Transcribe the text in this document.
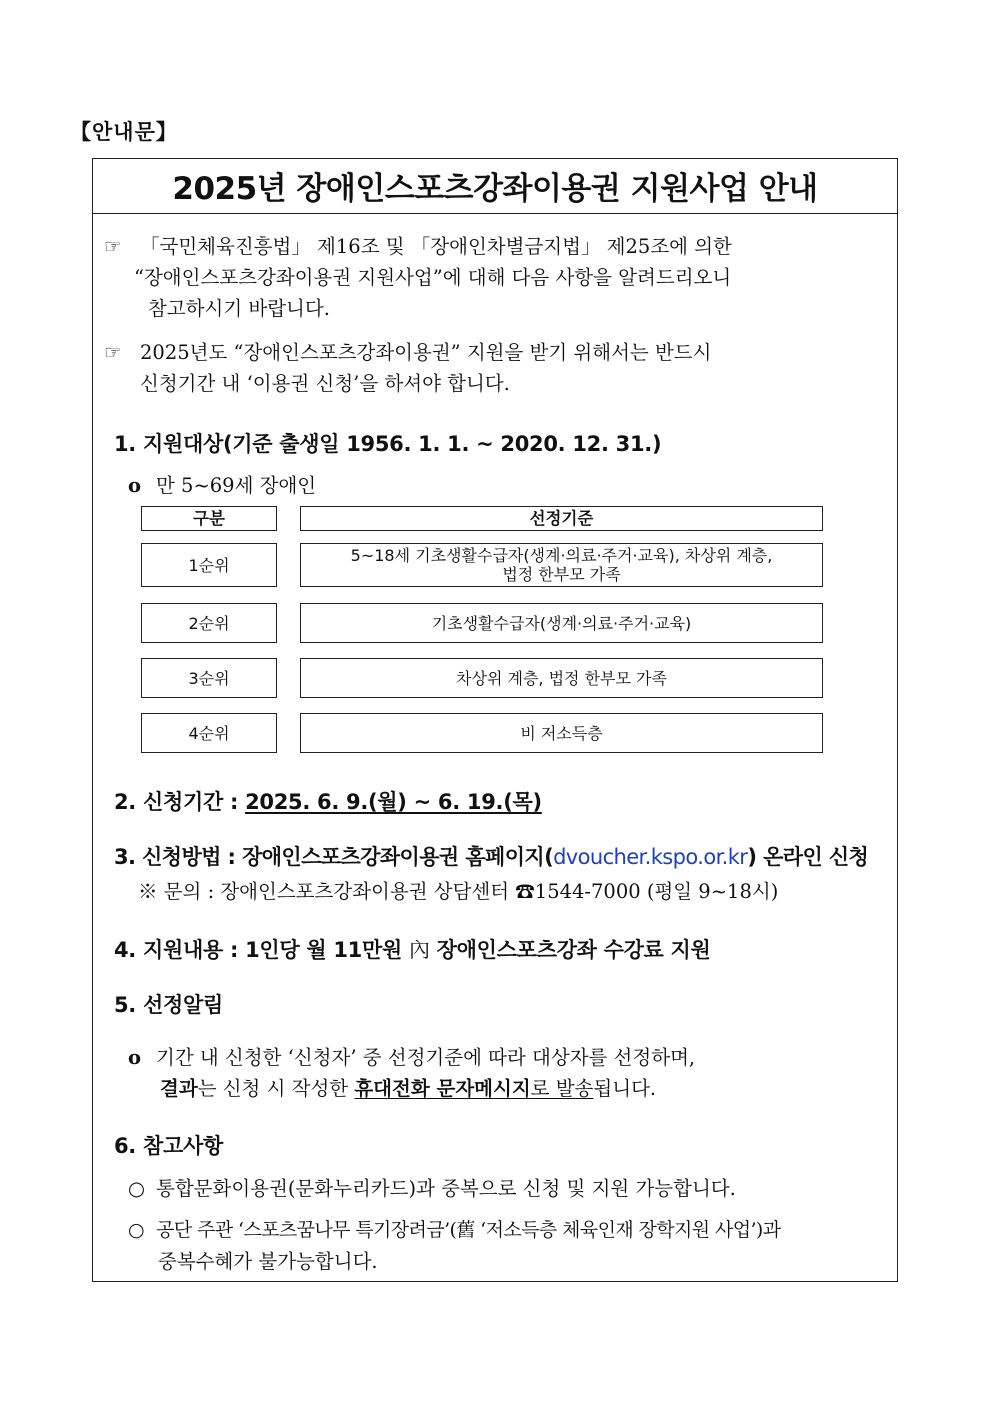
【안내문】
2025년 장애인스포츠강좌이용권 지원사업 안내
☞ 「국민체육진흥법」 제16조 및 「장애인차별금지법」 제25조에 의한
“장애인스포츠강좌이용권 지원사업”에 대해 다음 사항을 알려드리오니
참고하시기 바랍니다.
☞ 2025년도 “장애인스포츠강좌이용권” 지원을 받기 위해서는 반드시
신청기간 내 ‘이용권 신청’을 하셔야 합니다.
1. 지원대상(기준 출생일 1956. 1. 1. ~ 2020. 12. 31.)
o 만 5~69세 장애인
구분	선정기준
1순위	5~18세 기초생활수급자(생계·의료·주거·교육), 차상위 계층, 법정 한부모 가족
2순위	기초생활수급자(생계·의료·주거·교육)
3순위	차상위 계층, 법정 한부모 가족
4순위	비 저소득층
2. 신청기간 : 2025. 6. 9.(월) ~ 6. 19.(목)
3. 신청방법 : 장애인스포츠강좌이용권 홈페이지(dvoucher.kspo.or.kr) 온라인 신청
※ 문의 : 장애인스포츠강좌이용권 상담센터 ☎1544-7000 (평일 9~18시)
4. 지원내용 : 1인당 월 11만원 內 장애인스포츠강좌 수강료 지원
5. 선정알림
o 기간 내 신청한 ‘신청자’ 중 선정기준에 따라 대상자를 선정하며,
결과는 신청 시 작성한 휴대전화 문자메시지로 발송됩니다.
6. 참고사항
○ 통합문화이용권(문화누리카드)과 중복으로 신청 및 지원 가능합니다.
○ 공단 주관 ‘스포츠꿈나무 특기장려금’(舊 ‘저소득층 체육인재 장학지원 사업’)과
중복수혜가 불가능합니다.
